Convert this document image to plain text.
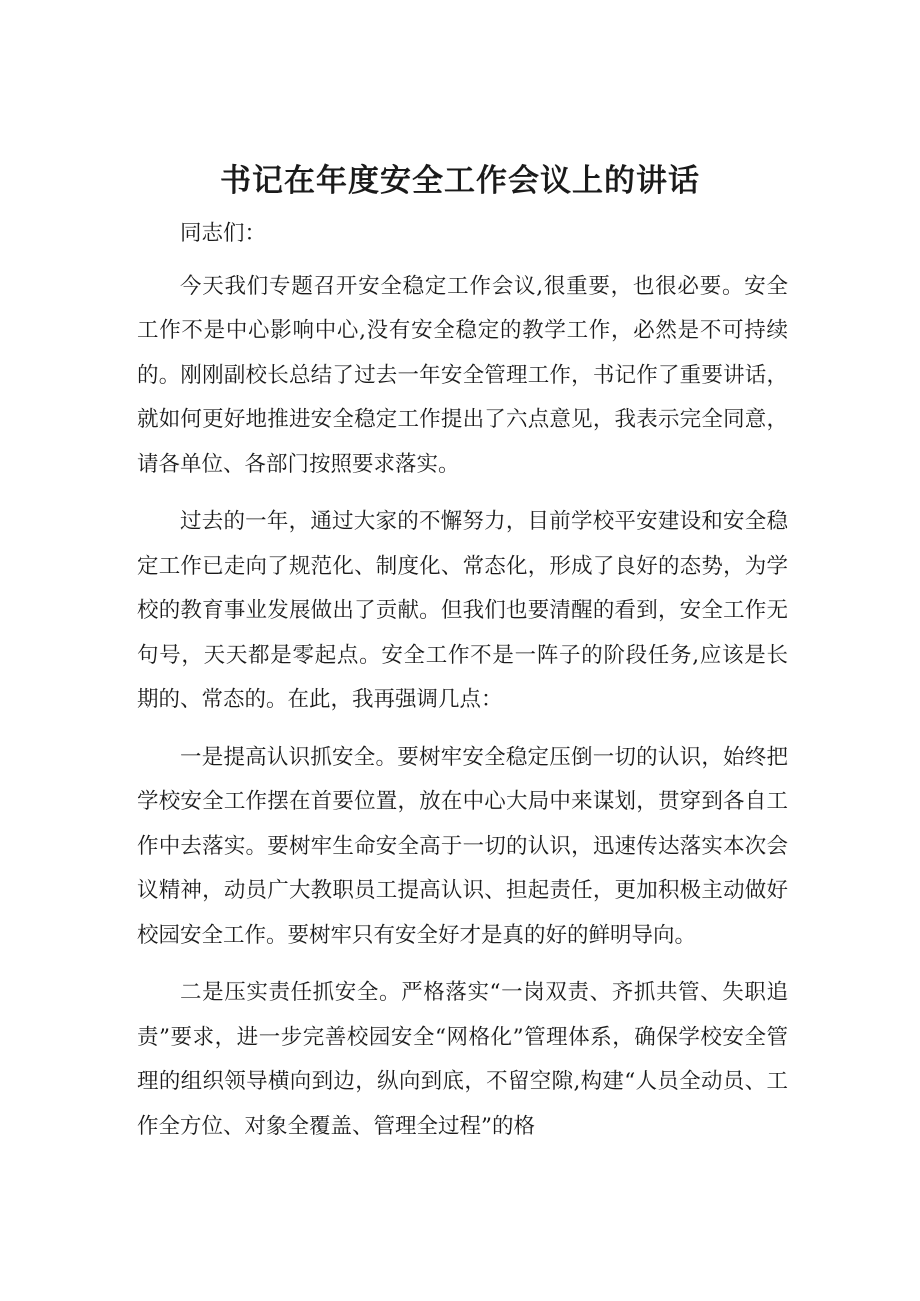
书记在年度安全工作会议上的讲话

同志们：

今天我们专题召开安全稳定工作会议,很重要，也很必要。安全工作不是中心影响中心,没有安全稳定的教学工作，必然是不可持续的。刚刚副校长总结了过去一年安全管理工作，书记作了重要讲话，就如何更好地推进安全稳定工作提出了六点意见，我表示完全同意，请各单位、各部门按照要求落实。

过去的一年，通过大家的不懈努力，目前学校平安建设和安全稳定工作已走向了规范化、制度化、常态化，形成了良好的态势，为学校的教育事业发展做出了贡献。但我们也要清醒的看到，安全工作无句号，天天都是零起点。安全工作不是一阵子的阶段任务,应该是长期的、常态的。在此，我再强调几点：

一是提高认识抓安全。要树牢安全稳定压倒一切的认识，始终把学校安全工作摆在首要位置，放在中心大局中来谋划，贯穿到各自工作中去落实。要树牢生命安全高于一切的认识，迅速传达落实本次会议精神，动员广大教职员工提高认识、担起责任，更加积极主动做好校园安全工作。要树牢只有安全好才是真的好的鲜明导向。

二是压实责任抓安全。严格落实“一岗双责、齐抓共管、失职追责”要求，进一步完善校园安全“网格化”管理体系，确保学校安全管理的组织领导横向到边，纵向到底，不留空隙,构建“人员全动员、工作全方位、对象全覆盖、管理全过程”的格
